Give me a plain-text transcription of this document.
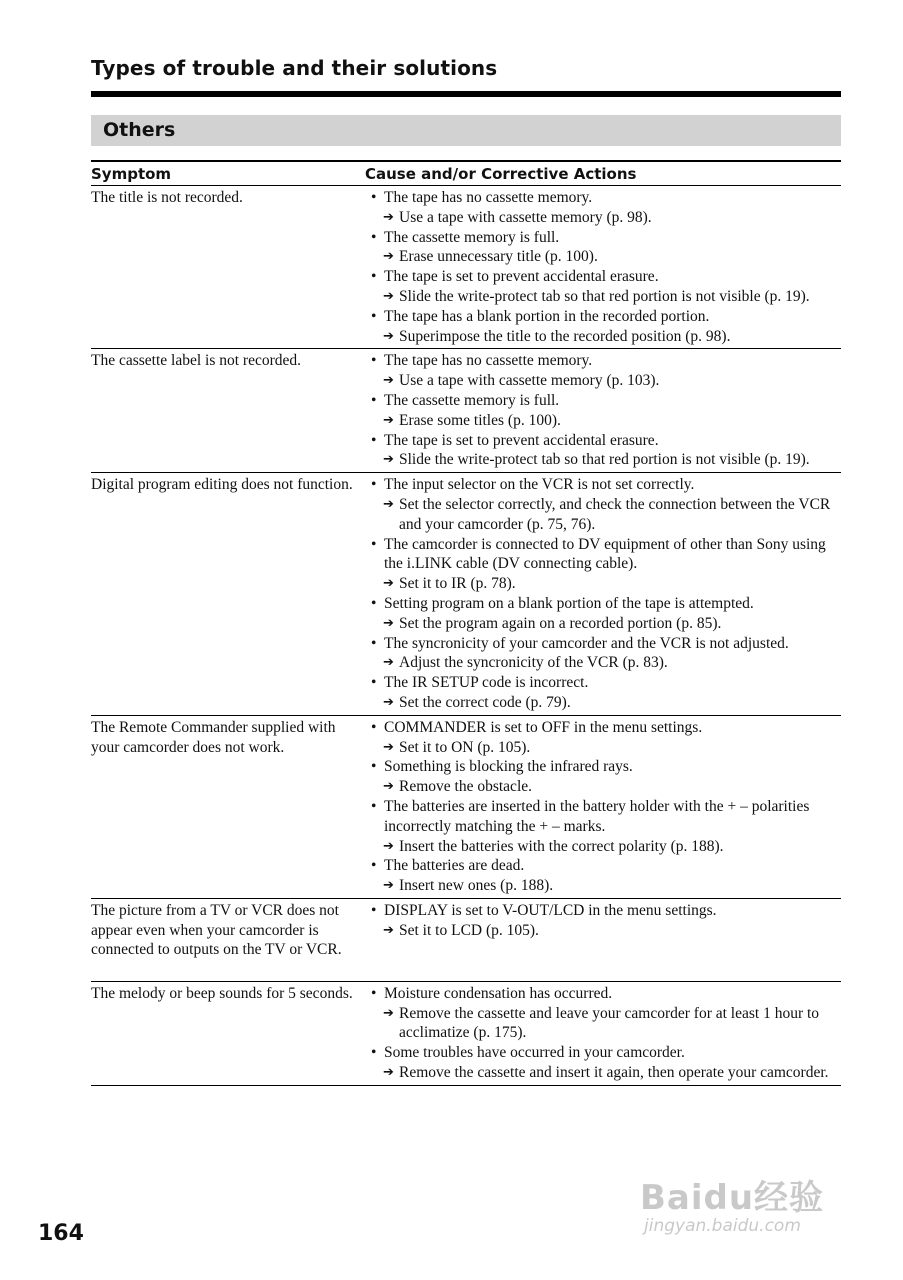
Types of trouble and their solutions
Others
Symptom	Cause and/or Corrective Actions
The title is not recorded.	• The tape has no cassette memory.
➔ Use a tape with cassette memory (p. 98).
• The cassette memory is full.
➔ Erase unnecessary title (p. 100).
• The tape is set to prevent accidental erasure.
➔ Slide the write-protect tab so that red portion is not visible (p. 19).
• The tape has a blank portion in the recorded portion.
➔ Superimpose the title to the recorded position (p. 98).
The cassette label is not recorded.	• The tape has no cassette memory.
➔ Use a tape with cassette memory (p. 103).
• The cassette memory is full.
➔ Erase some titles (p. 100).
• The tape is set to prevent accidental erasure.
➔ Slide the write-protect tab so that red portion is not visible (p. 19).
Digital program editing does not function.	• The input selector on the VCR is not set correctly.
➔ Set the selector correctly, and check the connection between the VCR and your camcorder (p. 75, 76).
• The camcorder is connected to DV equipment of other than Sony using the i.LINK cable (DV connecting cable).
➔ Set it to IR (p. 78).
• Setting program on a blank portion of the tape is attempted.
➔ Set the program again on a recorded portion (p. 85).
• The syncronicity of your camcorder and the VCR is not adjusted.
➔ Adjust the syncronicity of the VCR (p. 83).
• The IR SETUP code is incorrect.
➔ Set the correct code (p. 79).
The Remote Commander supplied with your camcorder does not work.
• COMMANDER is set to OFF in the menu settings.
➔ Set it to ON (p. 105).
• Something is blocking the infrared rays.
➔ Remove the obstacle.
• The batteries are inserted in the battery holder with the + – polarities incorrectly matching the + – marks.
➔ Insert the batteries with the correct polarity (p. 188).
• The batteries are dead.
➔ Insert new ones (p. 188).
The picture from a TV or VCR does not appear even when your camcorder is connected to outputs on the TV or VCR.
• DISPLAY is set to V-OUT/LCD in the menu settings.
➔ Set it to LCD (p. 105).
The melody or beep sounds for 5 seconds.	• Moisture condensation has occurred.
➔ Remove the cassette and leave your camcorder for at least 1 hour to acclimatize (p. 175).
• Some troubles have occurred in your camcorder.
➔ Remove the cassette and insert it again, then operate your camcorder.
164
Baidu经验
jingyan.baidu.com
